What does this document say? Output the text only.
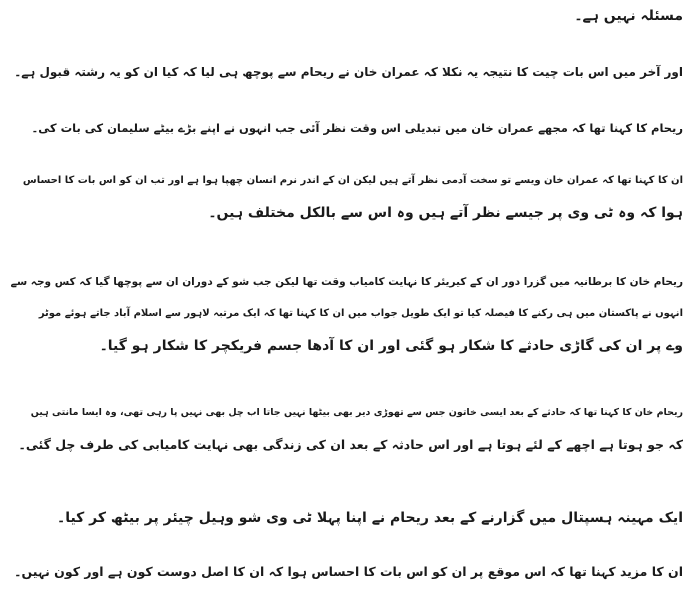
مسئلہ نہیں ہے۔

اور آخر میں اس بات چیت کا نتیجہ یہ نکلا کہ عمران خان نے ریحام سے پوچھ ہی لیا کہ کیا ان کو یہ رشتہ قبول ہے۔

ریحام کا کہنا تھا کہ مجھے عمران خان میں تبدیلی اس وقت نظر آئی جب انہوں نے اپنے بڑے بیٹے سلیمان کی بات کی۔

ان کا کہنا تھا کہ عمران خان ویسے تو سخت آدمی نظر آتے ہیں لیکن ان کے اندر نرم انسان چھپا ہوا ہے اور تب ان کو اس بات کا احساس
ہوا کہ وہ ٹی وی پر جیسے نظر آتے ہیں وہ اس سے بالکل مختلف ہیں۔

ریحام خان کا برطانیہ میں گزرا دور ان کے کیریئر کا نہایت کامیاب وقت تھا لیکن جب شو کے دوران ان سے پوچھا گیا کہ کس وجہ سے
انہوں نے پاکستان میں ہی رکنے کا فیصلہ کیا تو ایک طویل جواب میں ان کا کہنا تھا کہ ایک مرتبہ لاہور سے اسلام آباد جاتے ہوئے موٹر
وے پر ان کی گاڑی حادثے کا شکار ہو گئی اور ان کا آدھا جسم فریکچر کا شکار ہو گیا۔

ریحام خان کا کہنا تھا کہ حادثے کے بعد ایسی خاتون جس سے تھوڑی دیر بھی بیٹھا نہیں جاتا اب چل بھی نہیں پا رہی تھی، وہ ایسا مانتی ہیں
کہ جو ہوتا ہے اچھے کے لئے ہوتا ہے اور اس حادثہ کے بعد ان کی زندگی بھی نہایت کامیابی کی طرف چل گئی۔

ایک مہینہ ہسپتال میں گزارنے کے بعد ریحام نے اپنا پہلا ٹی وی شو وہیل چیئر پر بیٹھ کر کیا۔

ان کا مزید کہنا تھا کہ اس موقع پر ان کو اس بات کا احساس ہوا کہ ان کا اصل دوست کون ہے اور کون نہیں۔
